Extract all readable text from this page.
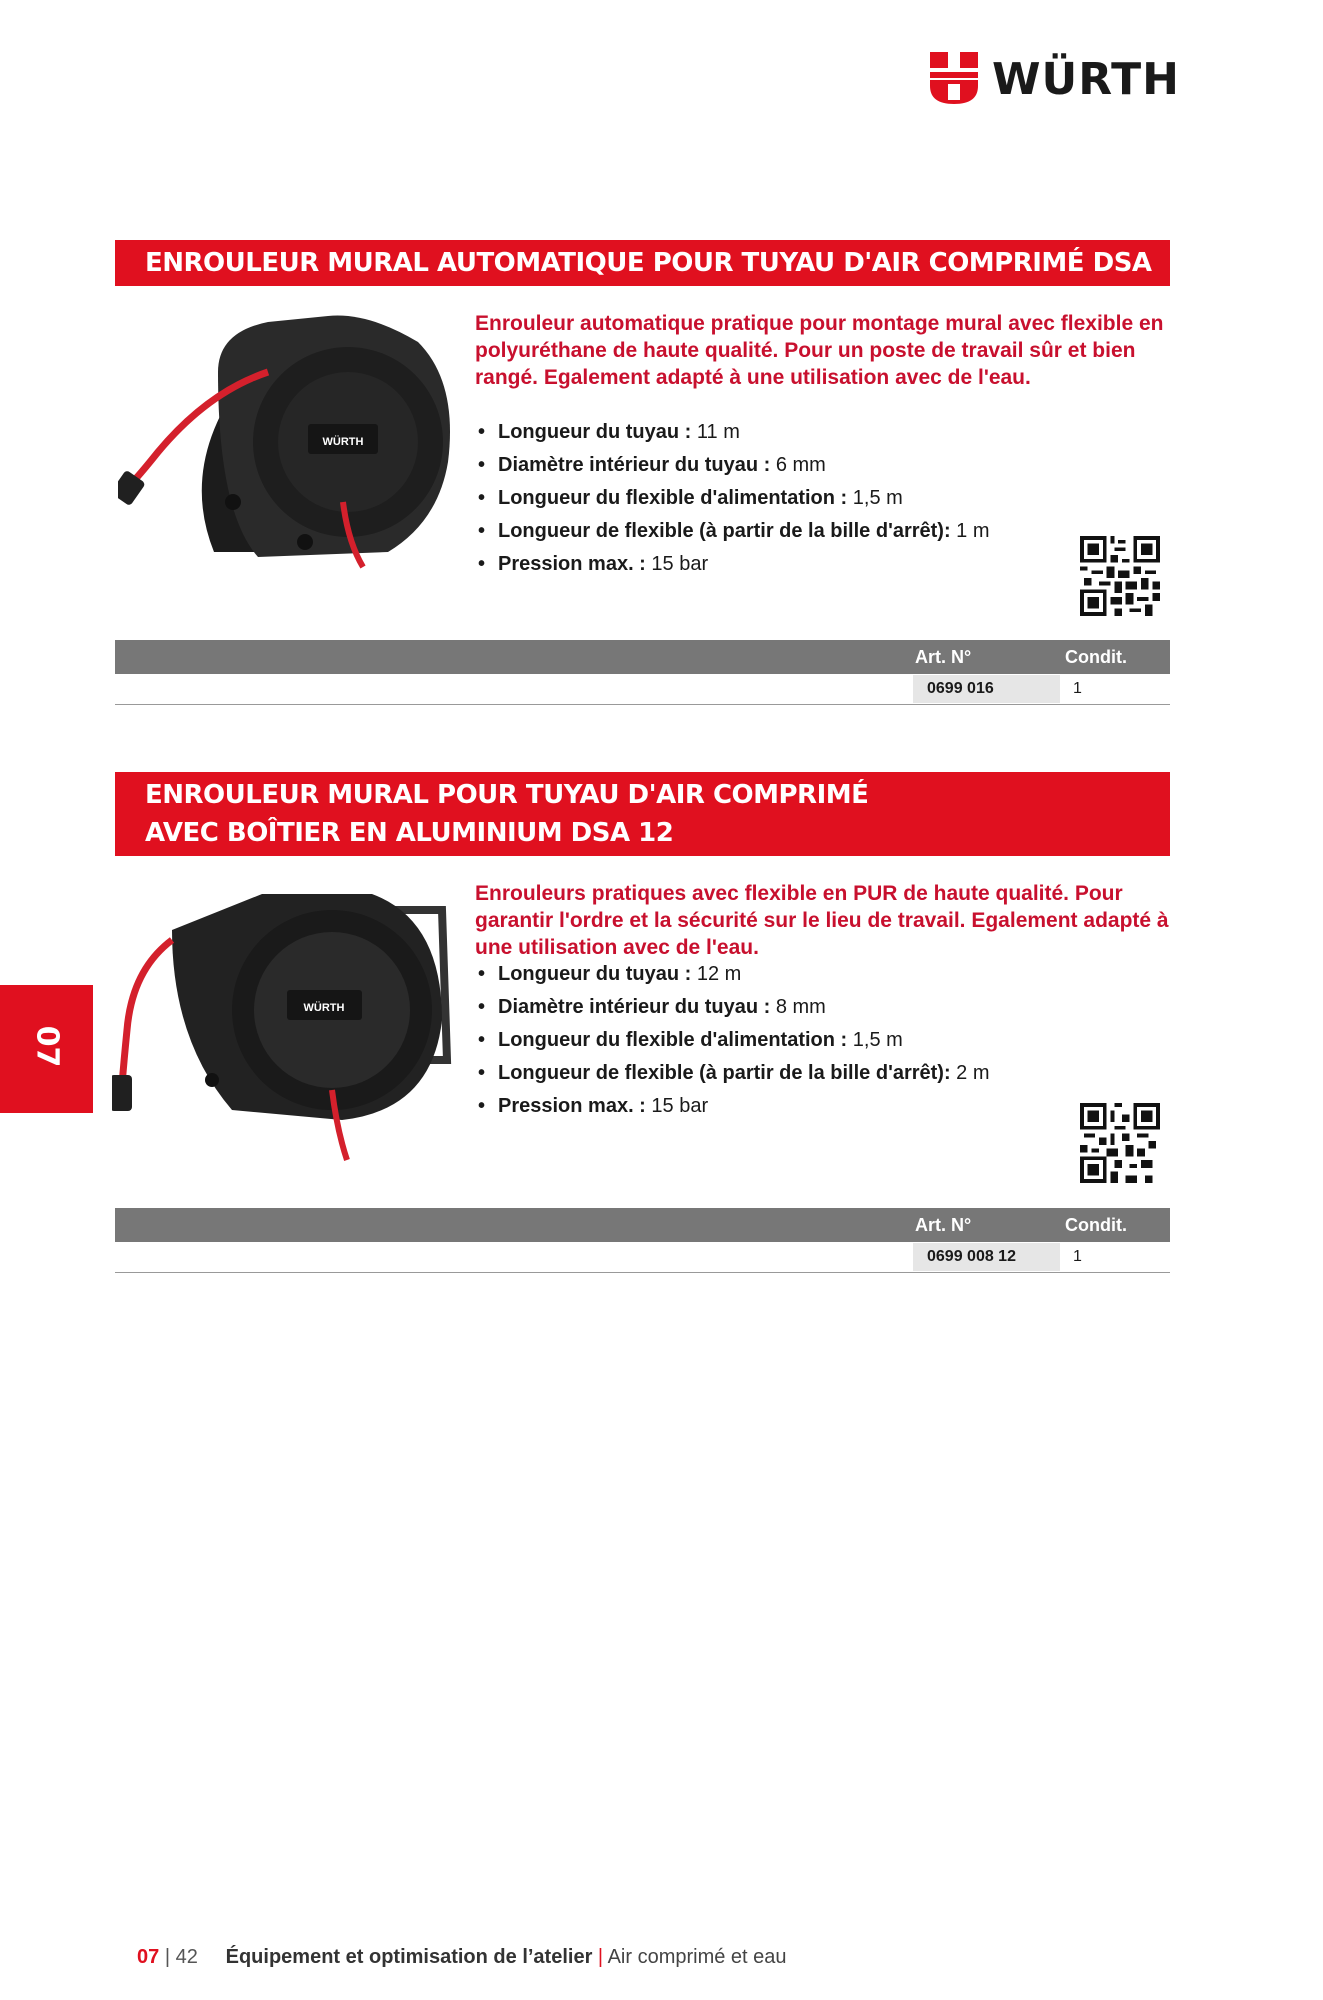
WÜRTH
ENROULEUR MURAL AUTOMATIQUE POUR TUYAU D'AIR COMPRIMÉ DSA 11/6-K
WÜRTH
Enrouleur automatique pratique pour montage mural avec flexible en polyuréthane de haute qualité. Pour un poste de travail sûr et bien rangé. Egalement adapté à une utilisation avec de l'eau.
• Longueur du tuyau : 11 m
• Diamètre intérieur du tuyau : 6 mm
• Longueur du flexible d'alimentation : 1,5 m
• Longueur de flexible (à partir de la bille d'arrêt): 1 m
• Pression max. : 15 bar
Art. N°	Condit.
0699 016	1
ENROULEUR MURAL POUR TUYAU D'AIR COMPRIMÉ
AVEC BOÎTIER EN ALUMINIUM DSA 12
WÜRTH
Enrouleurs pratiques avec flexible en PUR de haute qualité. Pour garantir l'ordre et la sécurité sur le lieu de travail. Egalement adapté à une utilisation avec de l'eau.
• Longueur du tuyau : 12 m
• Diamètre intérieur du tuyau : 8 mm
• Longueur du flexible d'alimentation : 1,5 m
• Longueur de flexible (à partir de la bille d'arrêt): 2 m
• Pression max. : 15 bar
Art. N°	Condit.
0699 008 12	1
07
07 | 42 Équipement et optimisation de l’atelier | Air comprimé et eau
